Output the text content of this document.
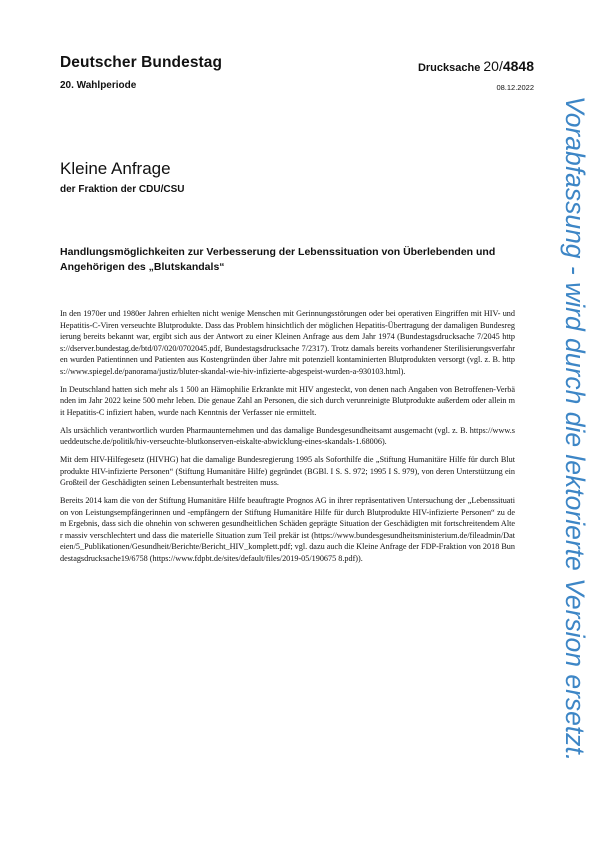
Deutscher Bundestag
20. Wahlperiode
Drucksache 20/4848
08.12.2022
Kleine Anfrage
der Fraktion der CDU/CSU
Handlungsmöglichkeiten zur Verbesserung der Lebenssituation von Überlebenden und Angehörigen des „Blutskandals“

In den 1970er und 1980er Jahren erhielten nicht wenige Menschen mit Gerinnungsstörungen oder bei operativen Eingriffen mit HIV- und Hepatitis-C-Viren verseuchte Blutprodukte. Dass das Problem hinsichtlich der möglichen Hepatitis-Übertragung der damaligen Bundesregierung bereits bekannt war, ergibt sich aus der Antwort zu einer Kleinen Anfrage aus dem Jahr 1974 (Bundestagsdrucksache 7/2045 https://dserver.bundestag.de/btd/07/020/0702045.pdf, Bundestagsdrucksache 7/2317). Trotz damals bereits vorhandener Sterilisierungsverfahren wurden Patientinnen und Patienten aus Kostengründen über Jahre mit potenziell kontaminierten Blutprodukten versorgt (vgl. z. B. https://www.spiegel.de/panorama/justiz/bluter-skandal-wie-hiv-infizierte-abgespeist-wurden-a-930103.html).

In Deutschland hatten sich mehr als 1 500 an Hämophilie Erkrankte mit HIV angesteckt, von denen nach Angaben von Betroffenen-Verbänden im Jahr 2022 keine 500 mehr leben. Die genaue Zahl an Personen, die sich durch verunreinigte Blutprodukte außerdem oder allein mit Hepatitis-C infiziert haben, wurde nach Kenntnis der Verfasser nie ermittelt.

Als ursächlich verantwortlich wurden Pharmaunternehmen und das damalige Bundesgesundheitsamt ausgemacht (vgl. z. B. https://www.sueddeutsche.de/politik/hiv-verseuchte-blutkonserven-eiskalte-abwicklung-eines-skandals-1.68006).

Mit dem HIV-Hilfegesetz (HIVHG) hat die damalige Bundesregierung 1995 als Soforthilfe die „Stiftung Humanitäre Hilfe für durch Blutprodukte HIV-infizierte Personen“ (Stiftung Humanitäre Hilfe) gegründet (BGBl. I S. S. 972; 1995 I S. 979), von deren Unterstützung ein Großteil der Geschädigten seinen Lebensunterhalt bestreiten muss.

Bereits 2014 kam die von der Stiftung Humanitäre Hilfe beauftragte Prognos AG in ihrer repräsentativen Untersuchung der „Lebenssituation von Leistungsempfängerinnen und -empfängern der Stiftung Humanitäre Hilfe für durch Blutprodukte HIV-infizierte Personen“ zu dem Ergebnis, dass sich die ohnehin von schweren gesundheitlichen Schäden geprägte Situation der Geschädigten mit fortschreitendem Alter massiv verschlechtert und dass die materielle Situation zum Teil prekär ist (https://www.bundesgesundheitsministerium.de/fileadmin/Dateien/5_Publikationen/Gesundheit/Berichte/Bericht_HIV_komplett.pdf; vgl. dazu auch die Kleine Anfrage der FDP-Fraktion von 2018 Bundestagsdrucksache19/6758 (https://www.fdpbt.de/sites/default/files/2019-05/190675 8.pdf)).	Vorabfassung - wird durch die lektorierte Version ersetzt.
